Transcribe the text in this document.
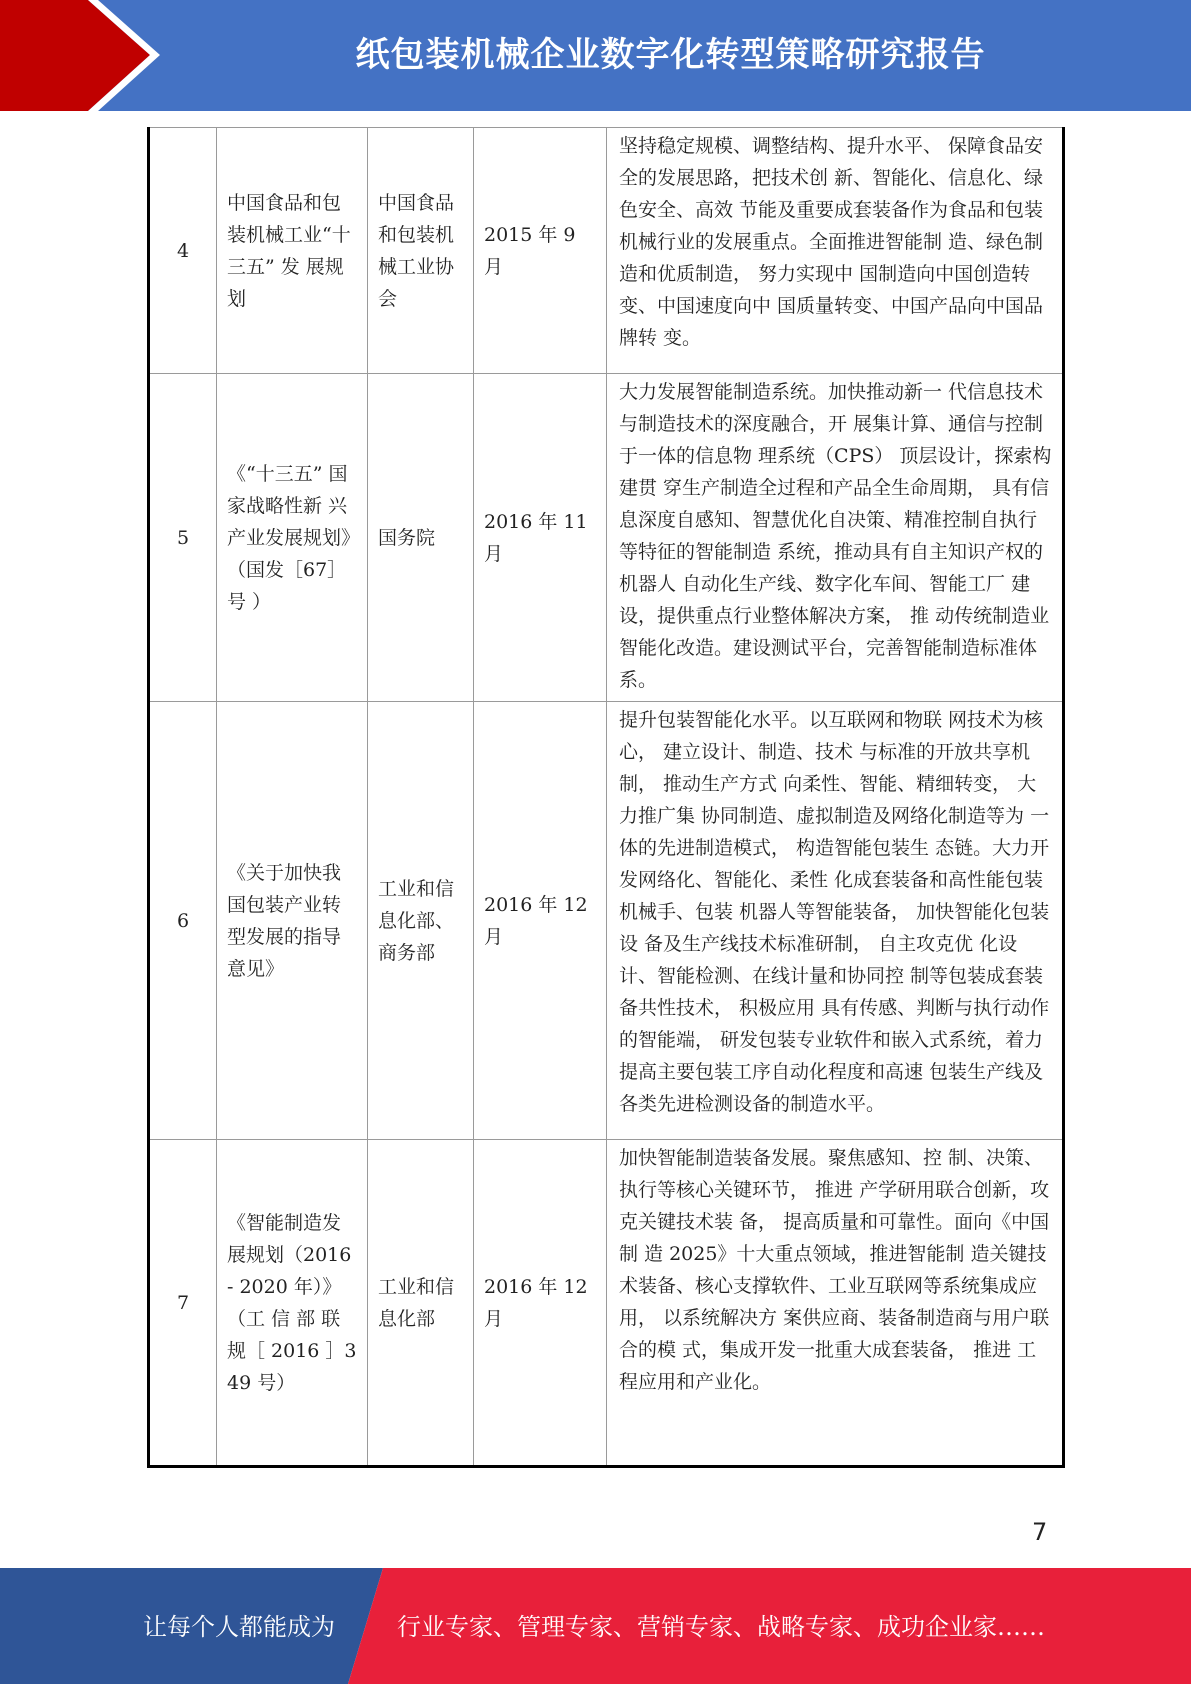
纸包装机械企业数字化转型策略研究报告
4	中国食品和包装机械工业“十三五” 发 展规划	中国食品和包装机械工业协会	2015 年 9 月	坚持稳定规模、调整结构、提升水平、 保障食品安全的发展思路，把技术创 新、智能化、信息化、绿色安全、高效 节能及重要成套装备作为食品和包装 机械行业的发展重点。全面推进智能制 造、绿色制造和优质制造， 努力实现中 国制造向中国创造转变、中国速度向中 国质量转变、中国产品向中国品牌转 变。
5	《“十三五” 国家战略性新 兴产业发展规划》（国发［67］号 ）	国务院	2016 年 11 月	大力发展智能制造系统。加快推动新一 代信息技术与制造技术的深度融合，开 展集计算、通信与控制于一体的信息物 理系统（CPS） 顶层设计，探索构建贯 穿生产制造全过程和产品全生命周期， 具有信息深度自感知、智慧优化自决策、精准控制自执行等特征的智能制造 系统，推动具有自主知识产权的机器人 自动化生产线、数字化车间、智能工厂 建设，提供重点行业整体解决方案， 推 动传统制造业智能化改造。建设测试平台，完善智能制造标准体系。
6	《关于加快我 国包装产业转 型发展的指导 意见》	工业和信 息化部、 商务部	2016 年 12 月	提升包装智能化水平。以互联网和物联 网技术为核心， 建立设计、制造、技术 与标准的开放共享机制， 推动生产方式 向柔性、智能、精细转变， 大力推广集 协同制造、虚拟制造及网络化制造等为 一体的先进制造模式， 构造智能包装生 态链。大力开发网络化、智能化、柔性 化成套装备和高性能包装机械手、包装 机器人等智能装备， 加快智能化包装设 备及生产线技术标准研制， 自主攻克优 化设计、智能检测、在线计量和协同控 制等包装成套装备共性技术， 积极应用 具有传感、判断与执行动作的智能端， 研发包装专业软件和嵌入式系统，着力 提高主要包装工序自动化程度和高速 包装生产线及各类先进检测设备的制造水平。
7	《智能制造发 展规划（2016- 2020 年）》（工 信 部 联 规［ 2016 ］349 号）	工业和信息化部	2016 年 12 月	加快智能制造装备发展。聚焦感知、控 制、决策、执行等核心关键环节， 推进 产学研用联合创新，攻克关键技术装 备， 提高质量和可靠性。面向《中国制 造 2025》十大重点领域，推进智能制 造关键技术装备、核心支撑软件、工业互联网等系统集成应用， 以系统解决方 案供应商、装备制造商与用户联合的模 式，集成开发一批重大成套装备， 推进 工程应用和产业化。
7
让每个人都能成为	行业专家、管理专家、营销专家、战略专家、成功企业家……
